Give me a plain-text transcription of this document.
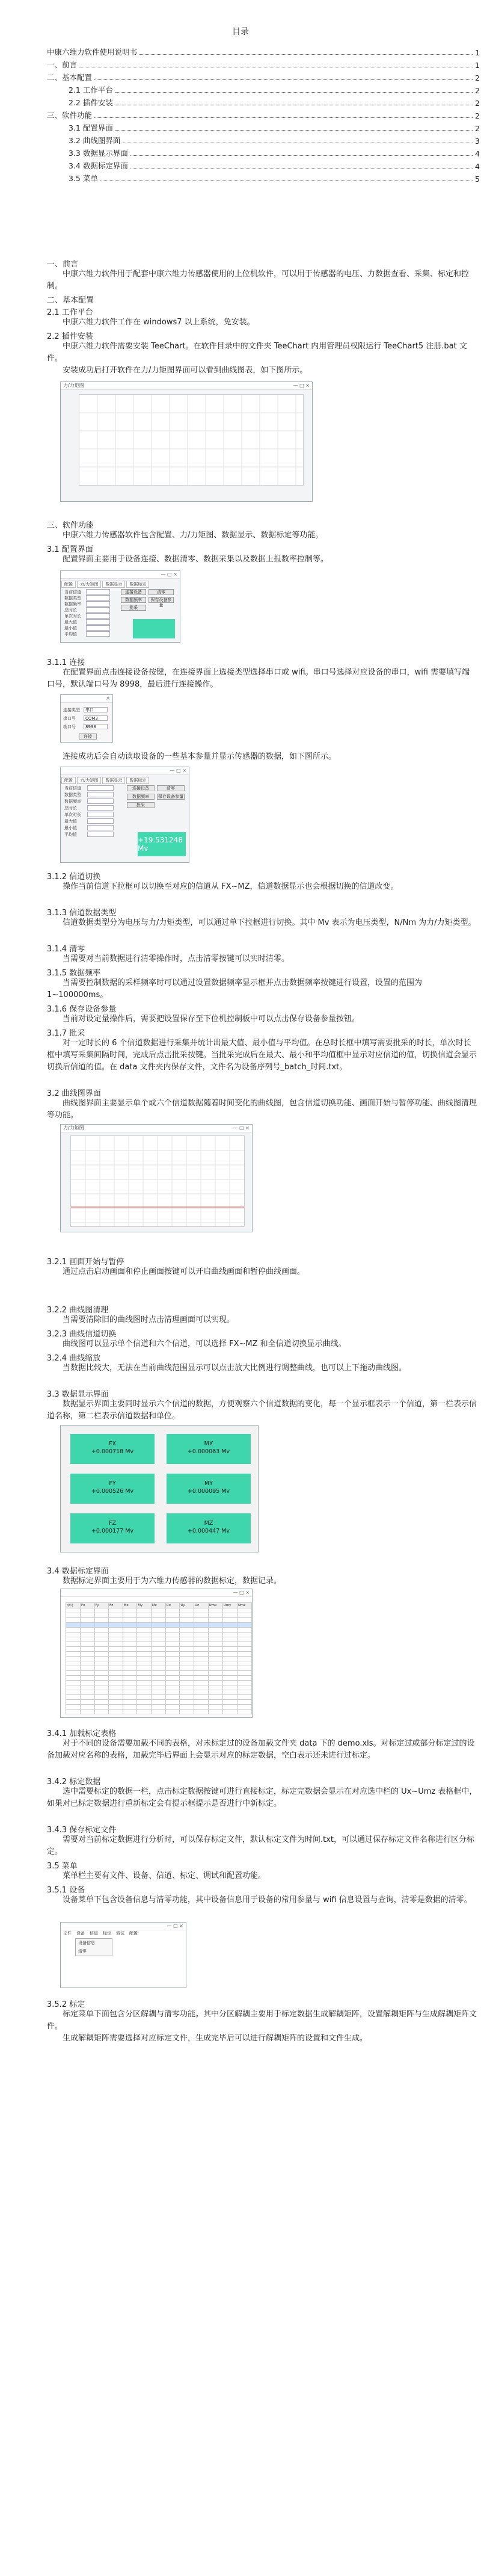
目录
中康六维力软件使用说明书	1
一、前言	1
二、基本配置	2
2.1 工作平台	2
2.2 插件安装	2
三、软件功能	2
3.1 配置界面	2
3.2 曲线图界面	3
3.3 数据显示界面	4
3.4 数据标定界面	4
3.5 菜单	5
一、前言
中康六维力软件用于配套中康六维力传感器使用的上位机软件，可以用于传感器的电压、力数据查看、采集、标定和控制。
二、基本配置
2.1 工作平台
中康六维力软件工作在 windows7 以上系统，免安装。
2.2 插件安装
中康六维力软件需要安装 TeeChart。在软件目录中的文件夹 TeeChart 内用管理员权限运行 TeeChart5 注册.bat 文件。
安装成功后打开软件在力/力矩图界面可以看到曲线图表，如下图所示。
力/力矩图	— □ ×
三、软件功能
中康六维力传感器软件包含配置、力/力矩图、数据显示、数据标定等功能。
3.1 配置界面
配置界面主要用于设备连接、数据清零、数据采集以及数据上报数率控制等。

— □ ×
配置 力/力矩图 数据显示 数据标定
当前信道
数据类型
数据频率
总时长
单次时长
最大值
最小值
平均值
连接设备	清零
数据频率	保存设备参量
批采
3.1.1 连接
在配置界面点击连接设备按键，在连接界面上选接类型选择串口或 wifi。串口号选择对应设备的串口，wifi 需要填写端口号，默认端口号为 8998，最后进行连接操作。

×
连接类型	串口
串口号	COM3
端口号	8998
连接
连接成功后会自动读取设备的一些基本参量并显示传感器的数据，如下图所示。

— □ ×
配置 力/力矩图 数据显示 数据标定
当前信道
数据类型
数据频率
总时长
单次时长
最大值
最小值
平均值
连接设备	清零
数据频率	保存设备参量
批采
+19.531248 Mv
3.1.2 信道切换
操作当前信道下拉框可以切换至对应的信道从 FX~MZ，信道数据显示也会根据切换的信道改变。
3.1.3 信道数据类型
信道数据类型分为电压与力/力矩类型，可以通过单下拉框进行切换。其中 Mv 表示为电压类型，N/Nm 为力/力矩类型。
3.1.4 清零
当需要对当前数据进行清零操作时，点击清零按键可以实时清零。
3.1.5 数据频率
当需要控制数据的采样频率时可以通过设置数据频率显示框并点击数据频率按键进行设置，设置的范围为 1~100000ms。
3.1.6 保存设备参量
当前对设定量操作后，需要把设置保存至下位机控制板中可以点击保存设备参量按钮。
3.1.7 批采
对一定时长的 6 个信道数据进行采集并统计出最大值、最小值与平均值。在总时长框中填写需要批采的时长，单次时长框中填写采集间隔时间，完成后点击批采按键。当批采完成后在最大、最小和平均值框中显示对应信道的值，切换信道会显示切换后信道的值。在 data 文件夹内保存文件，文件名为设备序列号_batch_时间.txt。
3.2 曲线图界面
曲线图界面主要显示单个或六个信道数据随着时间变化的曲线图，包含信道切换功能、画面开始与暂停功能、曲线图清理等功能。
力/力矩图	— □ ×
3.2.1 画面开始与暂停
通过点击启动画面和停止画面按键可以开启曲线画面和暂停曲线画面。
3.2.2 曲线图清理
当需要清除旧的曲线图时点击清理画面可以实现。
3.2.3 曲线信道切换
曲线图可以显示单个信道和六个信道，可以选择 FX~MZ 和全信道切换显示曲线。
3.2.4 曲线缩放
当数据比较大，无法在当前曲线范围显示可以点击放大比例进行调整曲线，也可以上下拖动曲线图。
3.3 数据显示界面
数据显示界面主要同时显示六个信道的数据，方便观察六个信道数据的变化，每一个显示框表示一个信道，第一栏表示信道名称，第二栏表示信道数据和单位。
FX
+0.000718 Mv
MX
+0.000063 Mv
FY
+0.000526 Mv
MY
+0.000095 Mv
FZ
+0.000177 Mv
MZ
+0.000447 Mv
3.4 数据标定界面
数据标定界面主要用于为六维力传感器的数据标定，数据记录。

— □ ×
序号	Fx	Fy	Fz	Mx	My	Mz	Ux	Uy	Uz	Umx	Umy	Umz

3.4.1 加载标定表格
对于不同的设备需要加载不同的表格，对未标定过的设备加载文件夹 data 下的 demo.xls。对标定过或部分标定过的设备加载对应名称的表格，加载完毕后界面上会显示对应的标定数据，空白表示还未进行过标定。
3.4.2 标定数据
选中需要标定的数据一栏，点击标定数据按键可进行直接标定，标定完数据会显示在对应选中栏的 Ux~Umz 表格框中，如果对已标定数据进行重新标定会有提示框提示是否进行中新标定。
3.4.3 保存标定文件
需要对当前标定数据进行分析时，可以保存标定文件，默认标定文件为时间.txt，可以通过保存标定文件名称进行区分标定。
3.5 菜单
菜单栏主要有文件、设备、信道、标定、调试和配置功能。
3.5.1 设备
设备菜单下包含设备信息与清零功能，其中设备信息用于设备的常用参量与 wifi 信息设置与查询，清零是数据的清零。

— □ ×
文件 设备 信道 标定 调试 配置
设备信息
清零
3.5.2 标定
标定菜单下面包含分区解耦与清零功能。其中分区解耦主要用于标定数据生成解耦矩阵，设置解耦矩阵与生成解耦矩阵文件。
生成解耦矩阵需要选择对应标定文件，生成完毕后可以进行解耦矩阵的设置和文件生成。
